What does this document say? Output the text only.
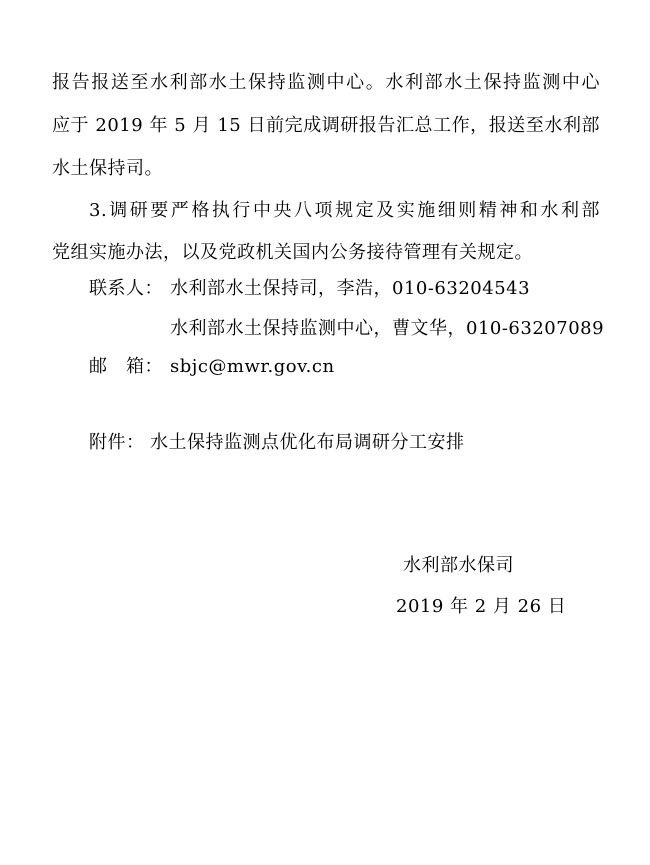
报告报送至水利部水土保持监测中心。水利部水土保持监测中心
应于 2019 年 5 月 15 日前完成调研报告汇总工作，报送至水利部
水土保持司。
3.调研要严格执行中央八项规定及实施细则精神和水利部
党组实施办法，以及党政机关国内公务接待管理有关规定。
联系人： 水利部水土保持司，李浩，010-63204543
水利部水土保持监测中心，曹文华，010-63207089
邮　箱： sbjc@mwr.gov.cn
附件： 水土保持监测点优化布局调研分工安排
水利部水保司
2019 年 2 月 26 日
